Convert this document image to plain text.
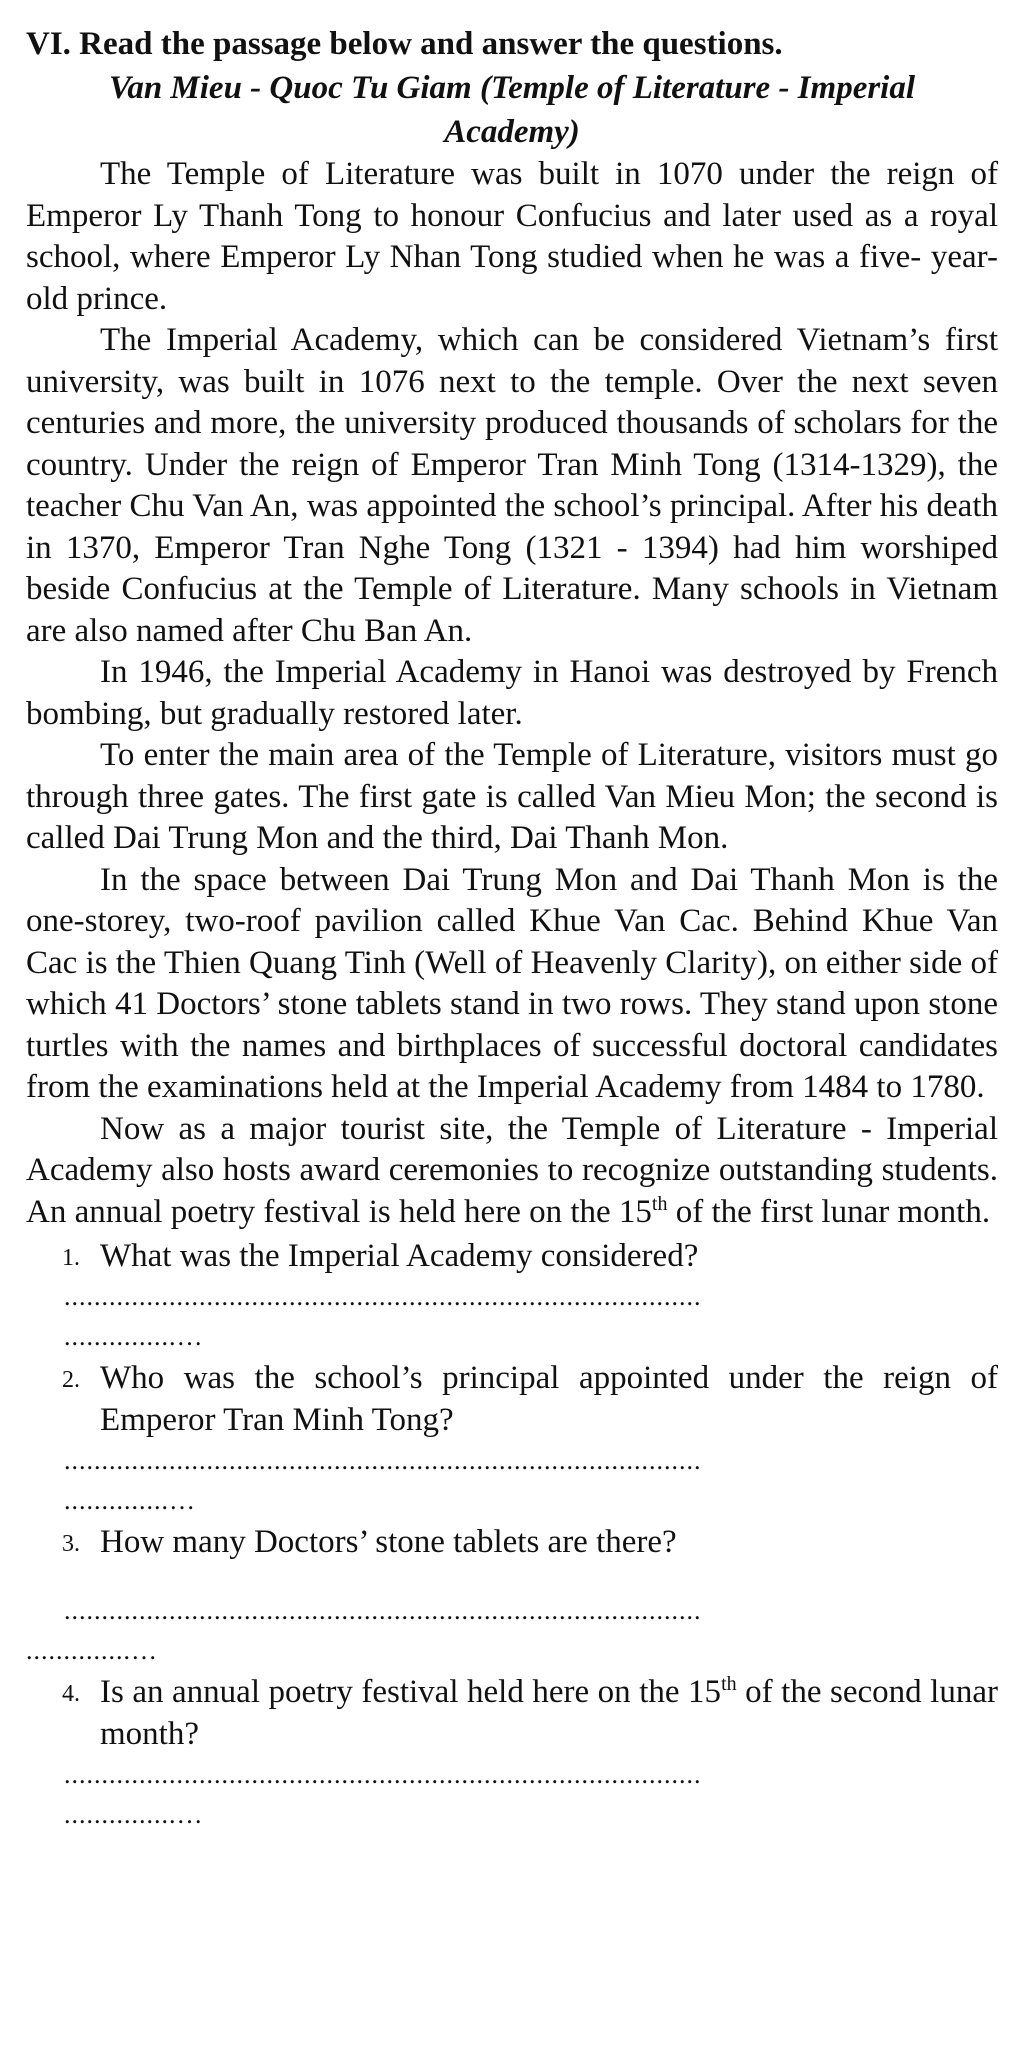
VI. Read the passage below and answer the questions.

Van Mieu - Quoc Tu Giam (Temple of Literature - Imperial Academy)

The Temple of Literature was built in 1070 under the reign of Emperor Ly Thanh Tong to honour Confucius and later used as a royal school, where Emperor Ly Nhan Tong studied when he was a five- year-old prince.

The Imperial Academy, which can be considered Vietnam’s first university, was built in 1076 next to the temple. Over the next seven centuries and more, the university produced thousands of scholars for the country. Under the reign of Emperor Tran Minh Tong (1314-1329), the teacher Chu Van An, was appointed the school’s principal. After his death in 1370, Emperor Tran Nghe Tong (1321 - 1394) had him worshiped beside Confucius at the Temple of Literature. Many schools in Vietnam are also named after Chu Ban An.

In 1946, the Imperial Academy in Hanoi was destroyed by French bombing, but gradually restored later.

To enter the main area of the Temple of Literature, visitors must go through three gates. The first gate is called Van Mieu Mon; the second is called Dai Trung Mon and the third, Dai Thanh Mon.

In the space between Dai Trung Mon and Dai Thanh Mon is the one-storey, two-roof pavilion called Khue Van Cac. Behind Khue Van Cac is the Thien Quang Tinh (Well of Heavenly Clarity), on either side of which 41 Doctors’ stone tablets stand in two rows. They stand upon stone turtles with the names and birthplaces of successful doctoral candidates from the examinations held at the Imperial Academy from 1484 to 1780.

Now as a major tourist site, the Temple of Literature - Imperial Academy also hosts award ceremonies to recognize outstanding students. An annual poetry festival is held here on the 15th of the first lunar month.

1. What was the Imperial Academy considered?
.....................................................................................
...............…
2. Who was the school’s principal appointed under the reign of Emperor Tran Minh Tong?
.....................................................................................
..............…
3. How many Doctors’ stone tablets are there?
.....................................................................................
..............…
4. Is an annual poetry festival held here on the 15th of the second lunar month?
.....................................................................................
...............…
